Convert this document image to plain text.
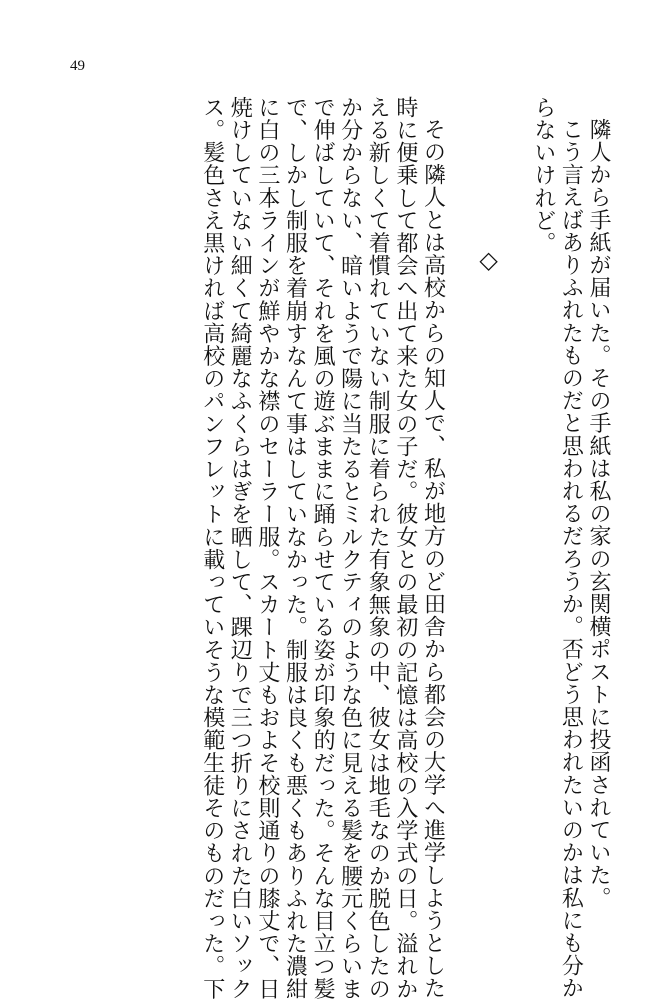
49

隣人から手紙が届いた。その手紙は私の家の玄関横ポストに投函されていた。

こう言えばありふれたものだと思われるだろうか。否どう思われたいのかは私にも分か

らないけれど。

◇

その隣人とは高校からの知人で、私が地方のど田舎から都会の大学へ進学しようとした

時に便乗して都会へ出て来た女の子だ。彼女との最初の記憶は高校の入学式の日。溢れか

える新しくて着慣れていない制服に着られた有象無象の中、彼女は地毛なのか脱色したの

か分からない、暗いようで陽に当たるとミルクティのような色に見える髪を腰元くらいま

で伸ばしていて、それを風の遊ぶままに踊らせている姿が印象的だった。そんな目立つ髪

で、しかし制服を着崩すなんて事はしていなかった。制服は良くも悪くもありふれた濃紺

に白の三本ラインが鮮やかな襟のセーラー服。スカート丈もおよそ校則通りの膝丈で、日

焼けしていない細くて綺麗なふくらはぎを晒して、踝辺りで三つ折りにされた白いソック

ス。髪色さえ黒ければ高校のパンフレットに載っていそうな模範生徒そのものだった。下
